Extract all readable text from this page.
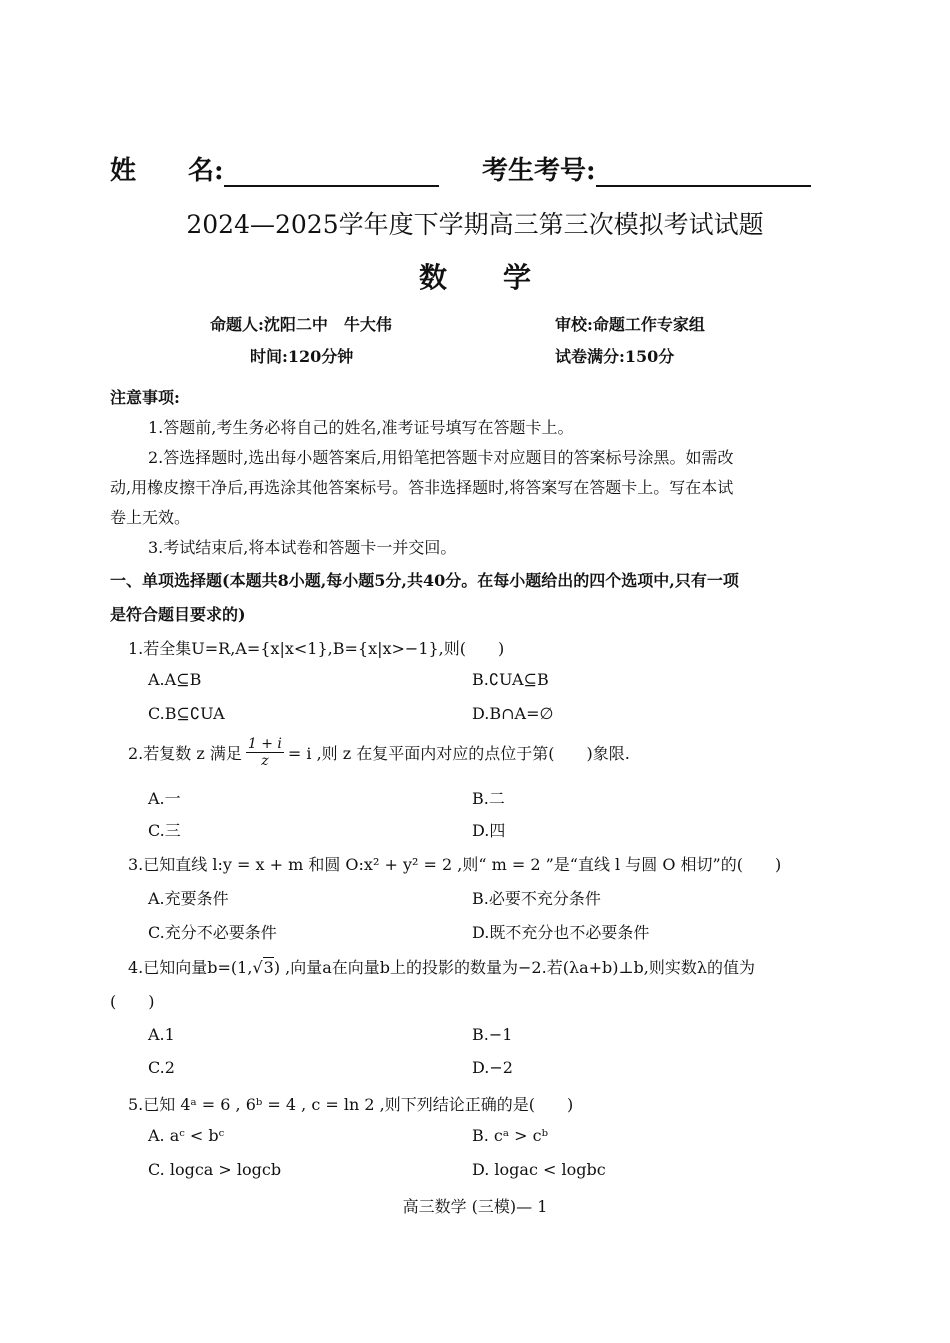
姓　　名:	考生考号:
2024—2025学年度下学期高三第三次模拟考试试题
数　　学
命题人:沈阳二中　牛大伟	审校:命题工作专家组
时间:120分钟	试卷满分:150分
注意事项:
1.答题前,考生务必将自己的姓名,准考证号填写在答题卡上。
2.答选择题时,选出每小题答案后,用铅笔把答题卡对应题目的答案标号涂黑。如需改
动,用橡皮擦干净后,再选涂其他答案标号。答非选择题时,将答案写在答题卡上。写在本试
卷上无效。
3.考试结束后,将本试卷和答题卡一并交回。
一、单项选择题(本题共8小题,每小题5分,共40分。在每小题给出的四个选项中,只有一项
是符合题目要求的)
1.若全集U=R,A={x|x<1},B={x|x>−1},则(　　)
A.A⊆B	B.∁UA⊆B
C.B⊆∁UA	D.B∩A=∅
2.若复数 z 满足 $\frac{1 + i}{z} = i$ ,则 z 在复平面内对应的点位于第(　　)象限.
A.一	B.二
C.三	D.四
3.已知直线 l:y = x + m 和圆 O:x² + y² = 2 ,则“ m = 2 ”是“直线 l 与圆 O 相切”的(　　)
A.充要条件	B.必要不充分条件
C.充分不必要条件	D.既不充分也不必要条件
4.已知向量b=(1,√3) ,向量a在向量b上的投影的数量为−2.若(λa+b)⊥b,则实数λ的值为
(　　)
A.1	B.−1
C.2	D.−2
5.已知 4ᵃ = 6 , 6ᵇ = 4 , c = ln 2 ,则下列结论正确的是(　　)
A. aᶜ < bᶜ	B. cᵃ > cᵇ
C. logcа > logcb	D. logac < logbc
高三数学 (三模)— 1
